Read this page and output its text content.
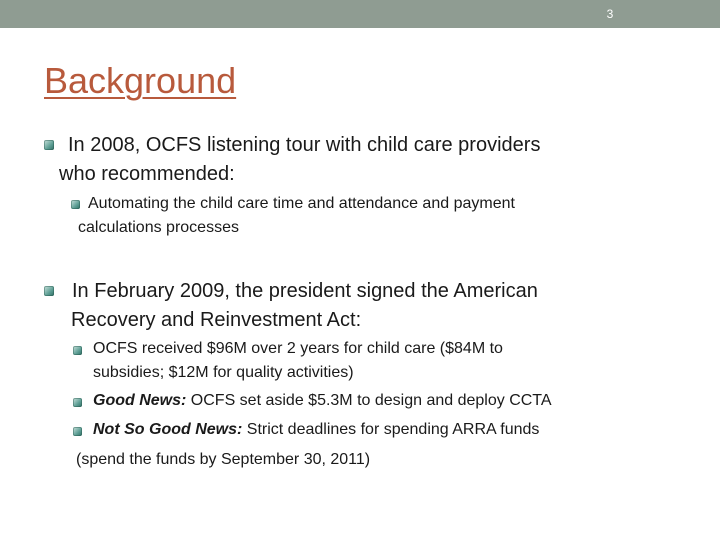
3
Background
In 2008, OCFS listening tour with child care providers
who recommended:
Automating the child care time and attendance and payment
calculations processes
In February 2009, the president signed the American
Recovery and Reinvestment Act:
OCFS received $96M over 2 years for child care ($84M to
subsidies; $12M for quality activities)
Good News: OCFS set aside $5.3M to design and deploy CCTA
Not So Good News: Strict deadlines for spending ARRA funds
(spend the funds by September 30, 2011)
